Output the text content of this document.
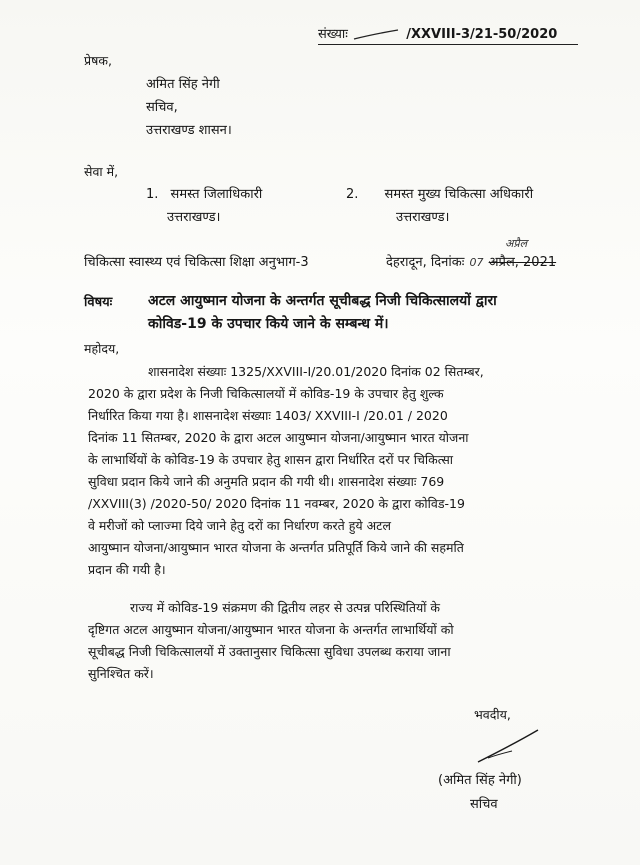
संख्याः	/XXVIII-3/21-50/2020
प्रेषक,
अमित सिंह नेगी
सचिव,
उत्तराखण्ड शासन।
सेवा में,
1. समस्त जिलाधिकारी
उत्तराखण्ड।
2. समस्त मुख्य चिकित्सा अधिकारी
उत्तराखण्ड।
चिकित्सा स्वास्थ्य एवं चिकित्सा शिक्षा अनुभाग-3
अप्रैल
देहरादून, दिनांकः 07 अप्रैल, 2021
विषयः	अटल आयुष्मान योजना के अन्तर्गत सूचीबद्ध निजी चिकित्सालयों द्वारा
कोविड-19 के उपचार किये जाने के सम्बन्ध में।
महोदय,
शासनादेश संख्याः 1325/XXVIII-I/20.01/2020 दिनांक 02 सितम्बर,
2020 के द्वारा प्रदेश के निजी चिकित्सालयों में कोविड-19 के उपचार हेतु शुल्क
निर्धारित किया गया है। शासनादेश संख्याः 1403/ XXVIII-I /20.01 / 2020
दिनांक 11 सितम्बर, 2020 के द्वारा अटल आयुष्मान योजना/आयुष्मान भारत योजना
के लाभार्थियों के कोविड-19 के उपचार हेतु शासन द्वारा निर्धारित दरों पर चिकित्सा
सुविधा प्रदान किये जाने की अनुमति प्रदान की गयी थी। शासनादेश संख्याः 769
/XXVIII(3) /2020-50/ 2020 दिनांक 11 नवम्बर, 2020 के द्वारा कोविड-19
वे मरीजों को प्लाज्मा दिये जाने हेतु दरों का निर्धारण करते हुये अटल
आयुष्मान योजना/आयुष्मान भारत योजना के अन्तर्गत प्रतिपूर्ति किये जाने की सहमति
प्रदान की गयी है।
राज्य में कोविड-19 संक्रमण की द्वितीय लहर से उत्पन्न परिस्थितियों के
दृष्टिगत अटल आयुष्मान योजना/आयुष्मान भारत योजना के अन्तर्गत लाभार्थियों को
सूचीबद्ध निजी चिकित्सालयों में उक्तानुसार चिकित्सा सुविधा उपलब्ध कराया जाना
सुनिश्चित करें।
भवदीय,
(अमित सिंह नेगी)
सचिव
